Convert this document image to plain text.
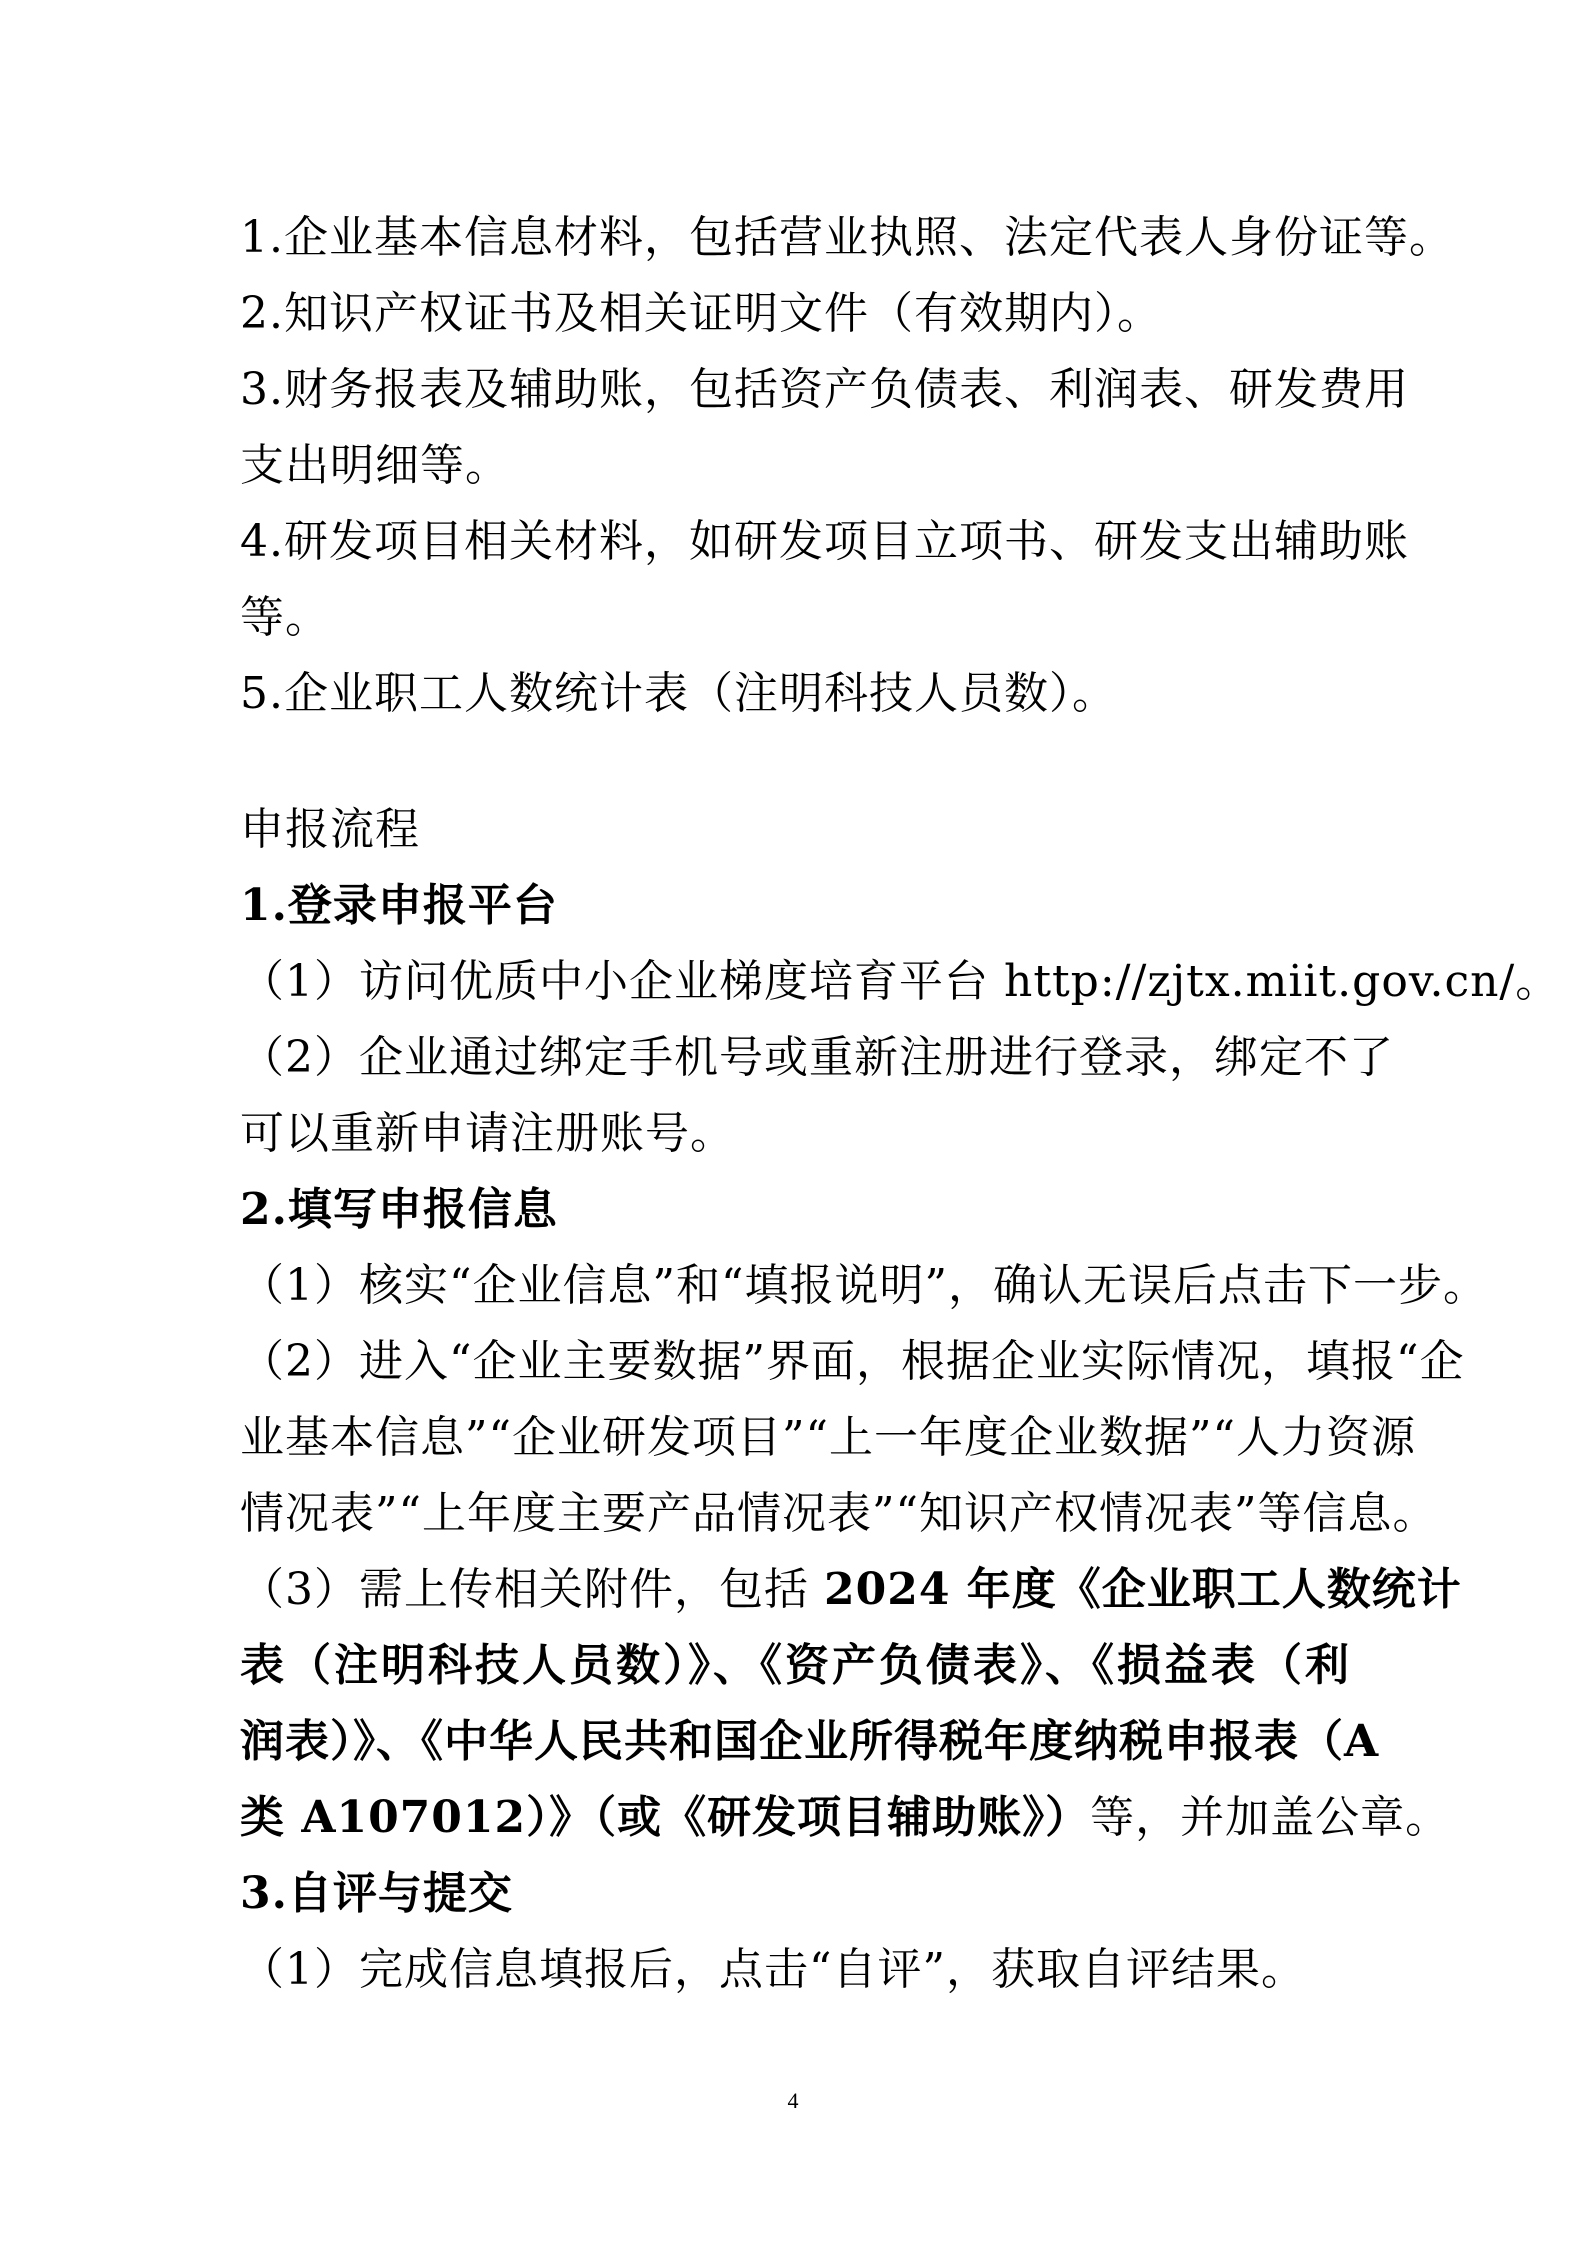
1.企业基本信息材料，包括营业执照、法定代表人身份证等。

2.知识产权证书及相关证明文件（有效期内）。

3.财务报表及辅助账，包括资产负债表、利润表、研发费用

支出明细等。

4.研发项目相关材料，如研发项目立项书、研发支出辅助账

等。

5.企业职工人数统计表（注明科技人员数）。

申报流程

1.登录申报平台

（1）访问优质中小企业梯度培育平台 http://zjtx.miit.gov.cn/。

（2）企业通过绑定手机号或重新注册进行登录，绑定不了

可以重新申请注册账号。

2.填写申报信息

（1）核实“企业信息”和“填报说明”，确认无误后点击下一步。

（2）进入“企业主要数据”界面，根据企业实际情况，填报“企

业基本信息”“企业研发项目”“上一年度企业数据”“人力资源

情况表”“上年度主要产品情况表”“知识产权情况表”等信息。

（3）需上传相关附件，包括 2024 年度《企业职工人数统计

表（注明科技人员数）》、《资产负债表》、《损益表（利

润表）》、《中华人民共和国企业所得税年度纳税申报表（A

类 A107012）》（或《研发项目辅助账》）等，并加盖公章。

3.自评与提交

（1）完成信息填报后，点击“自评”，获取自评结果。

4
